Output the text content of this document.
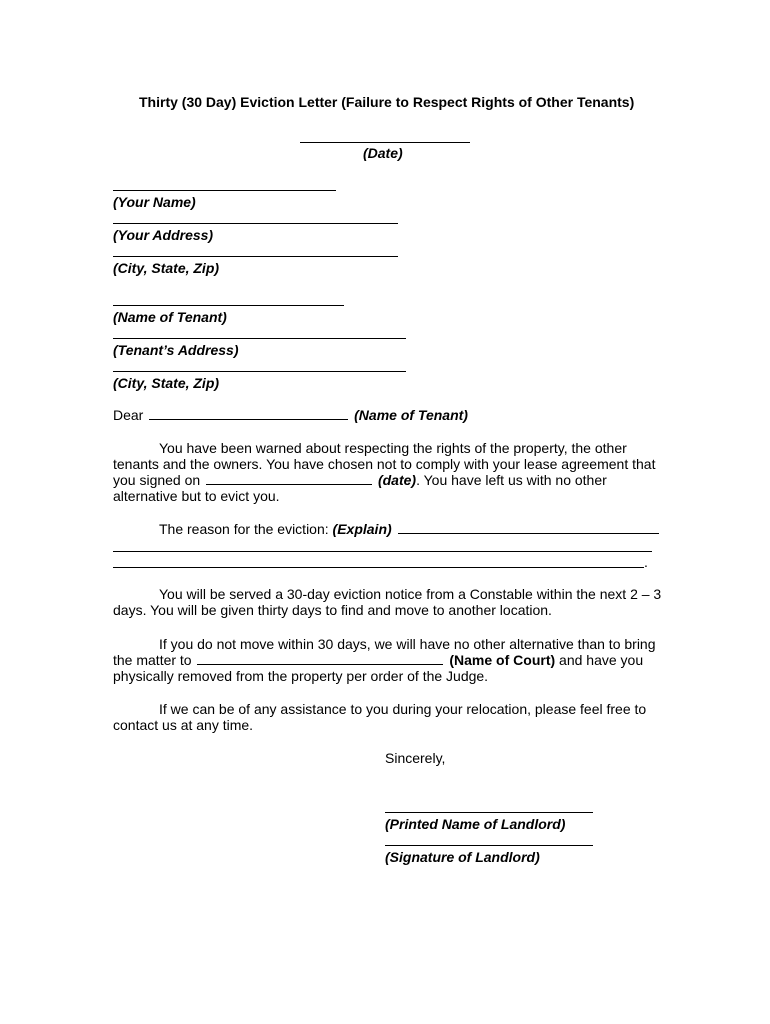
Thirty (30 Day) Eviction Letter (Failure to Respect Rights of Other Tenants)
(Date)
(Your Name)
(Your Address)
(City, State, Zip)
(Name of Tenant)
(Tenant’s Address)
(City, State, Zip)
Dear	(Name of Tenant)
You have been warned about respecting the rights of the property, the other
tenants and the owners. You have chosen not to comply with your lease agreement that
you signed on	(date). You have left us with no other
alternative but to evict you.
The reason for the eviction: (Explain)
.
You will be served a 30-day eviction notice from a Constable within the next 2 – 3
days. You will be given thirty days to find and move to another location.
If you do not move within 30 days, we will have no other alternative than to bring
the matter to	(Name of Court) and have you
physically removed from the property per order of the Judge.
If we can be of any assistance to you during your relocation, please feel free to
contact us at any time.
Sincerely,
(Printed Name of Landlord)
(Signature of Landlord)
